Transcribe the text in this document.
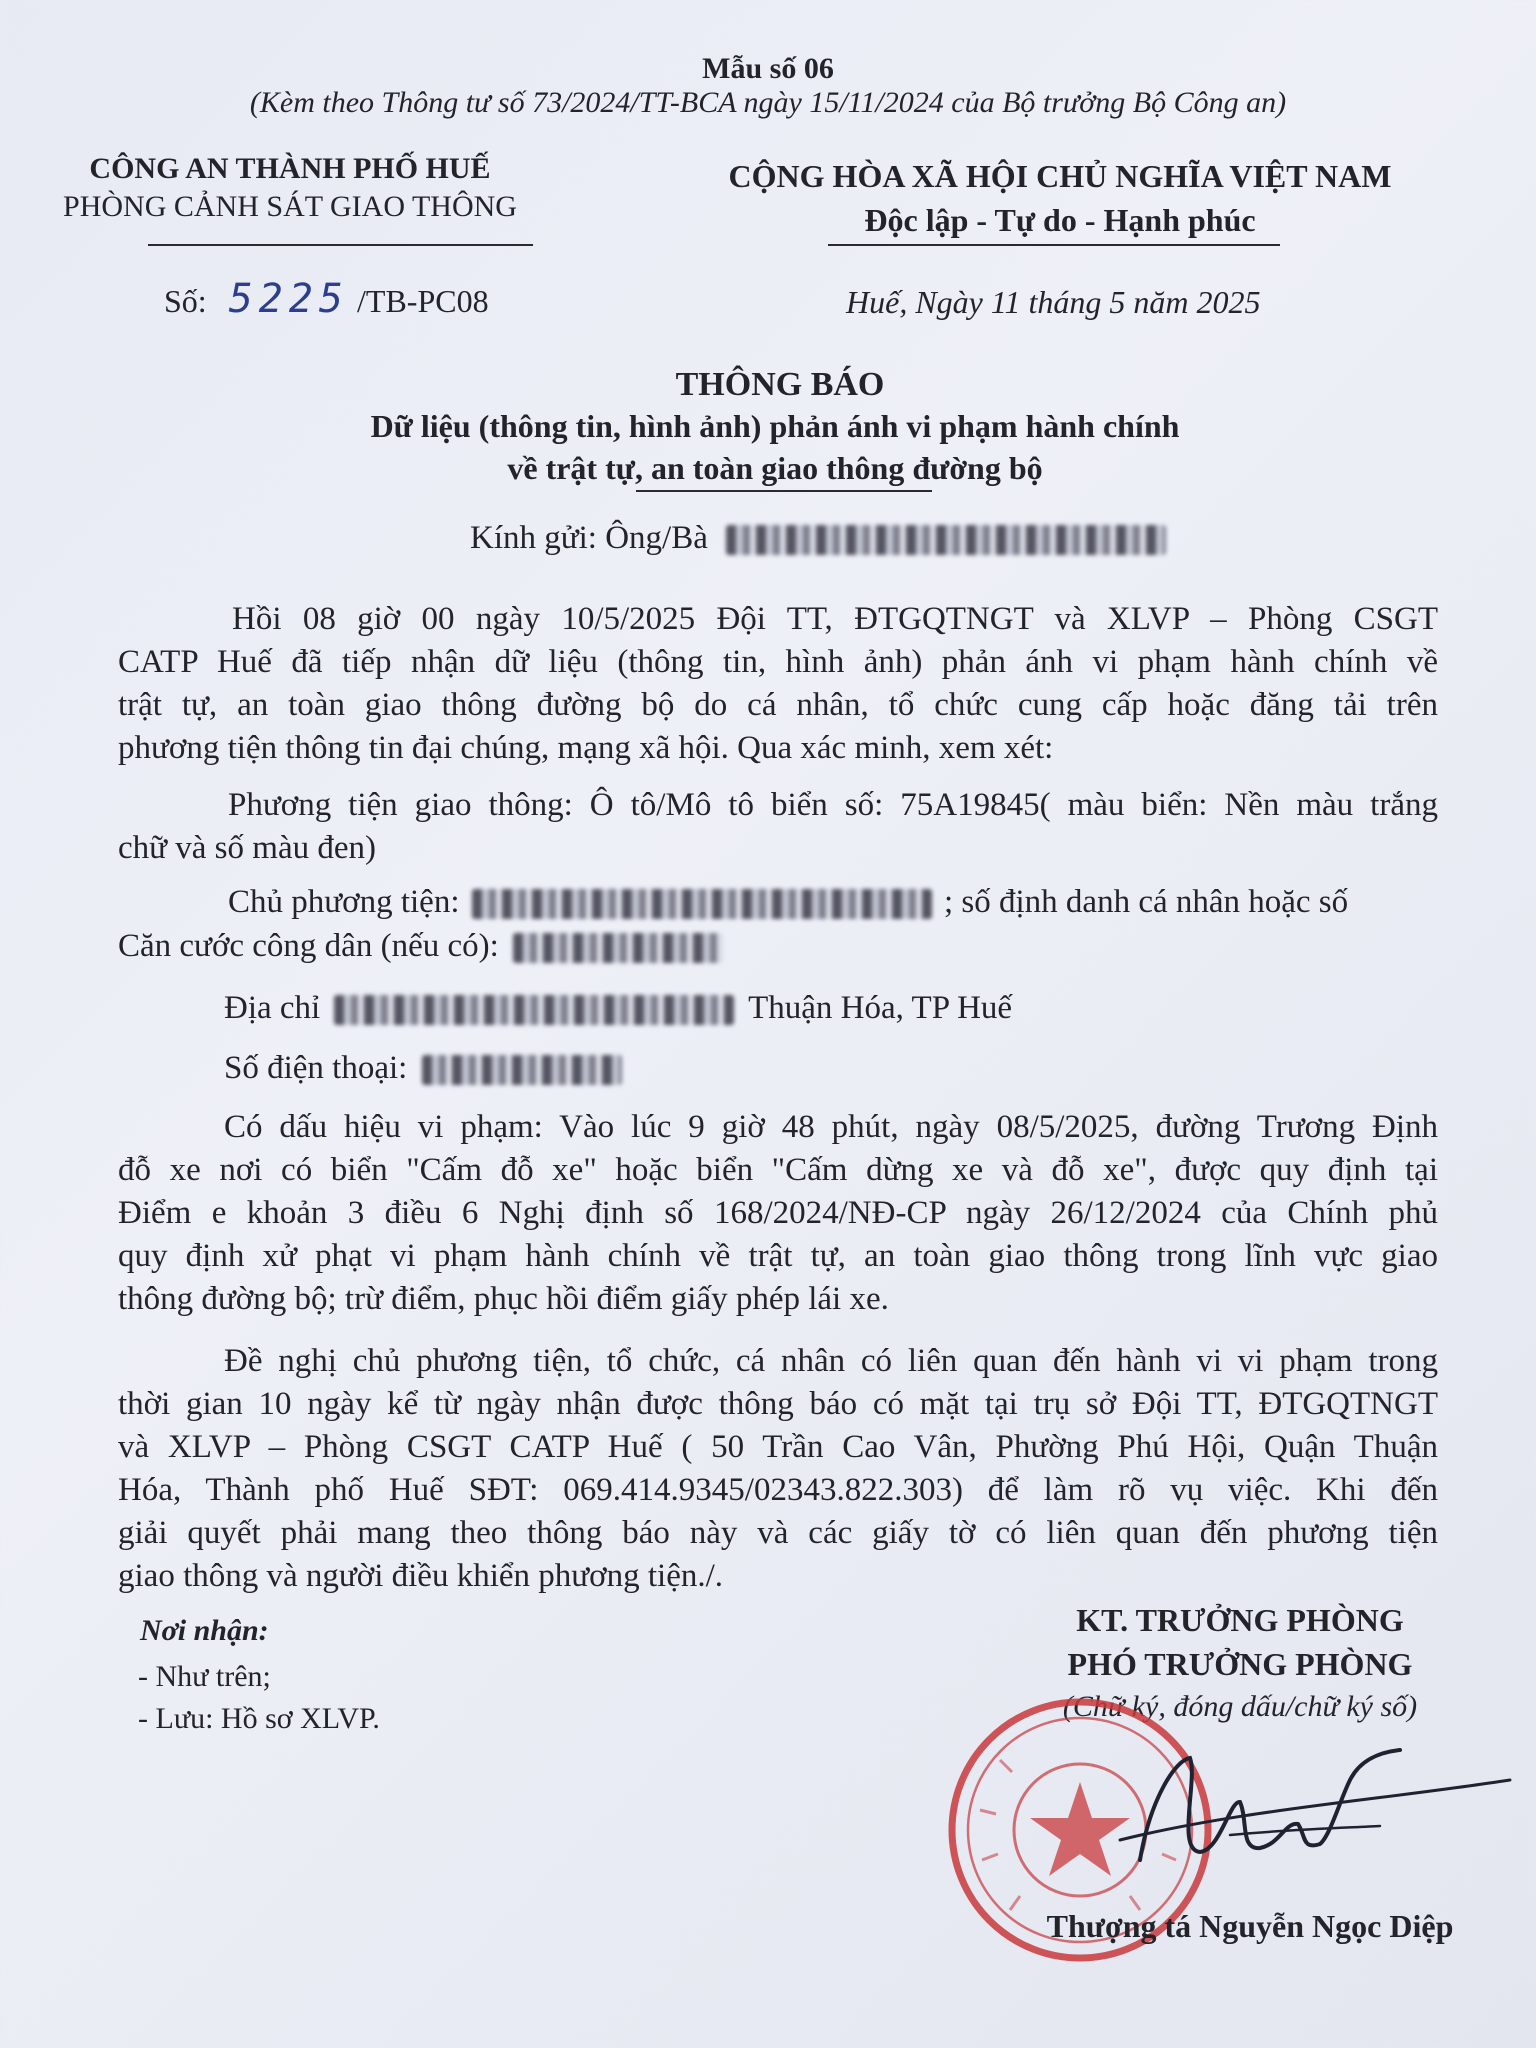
Mẫu số 06
(Kèm theo Thông tư số 73/2024/TT-BCA ngày 15/11/2024 của Bộ trưởng Bộ Công an)
CÔNG AN THÀNH PHỐ HUẾ
PHÒNG CẢNH SÁT GIAO THÔNG
Số: 5225 /TB-PC08
CỘNG HÒA XÃ HỘI CHỦ NGHĨA VIỆT NAM
Độc lập - Tự do - Hạnh phúc
Huế, Ngày 11 tháng 5 năm 2025
THÔNG BÁO
Dữ liệu (thông tin, hình ảnh) phản ánh vi phạm hành chính
về trật tự, an toàn giao thông đường bộ
Kính gửi: Ông/Bà
Hồi 08 giờ 00 ngày 10/5/2025 Đội TT, ĐTGQTNGT và XLVP – Phòng CSGT
CATP Huế đã tiếp nhận dữ liệu (thông tin, hình ảnh) phản ánh vi phạm hành chính về
trật tự, an toàn giao thông đường bộ do cá nhân, tổ chức cung cấp hoặc đăng tải trên
phương tiện thông tin đại chúng, mạng xã hội. Qua xác minh, xem xét:
Phương tiện giao thông: Ô tô/Mô tô biển số: 75A19845( màu biển: Nền màu trắng
chữ và số màu đen)
Chủ phương tiện:	; số định danh cá nhân hoặc số
Căn cước công dân (nếu có):
Địa chỉ	Thuận Hóa, TP Huế
Số điện thoại:
Có dấu hiệu vi phạm: Vào lúc 9 giờ 48 phút, ngày 08/5/2025, đường Trương Định
đỗ xe nơi có biển "Cấm đỗ xe" hoặc biển "Cấm dừng xe và đỗ xe", được quy định tại
Điểm e khoản 3 điều 6 Nghị định số 168/2024/NĐ-CP ngày 26/12/2024 của Chính phủ
quy định xử phạt vi phạm hành chính về trật tự, an toàn giao thông trong lĩnh vực giao
thông đường bộ; trừ điểm, phục hồi điểm giấy phép lái xe.
Đề nghị chủ phương tiện, tổ chức, cá nhân có liên quan đến hành vi vi phạm trong
thời gian 10 ngày kể từ ngày nhận được thông báo có mặt tại trụ sở Đội TT, ĐTGQTNGT
và XLVP – Phòng CSGT CATP Huế ( 50 Trần Cao Vân, Phường Phú Hội, Quận Thuận
Hóa, Thành phố Huế SĐT: 069.414.9345/02343.822.303) để làm rõ vụ việc. Khi đến
giải quyết phải mang theo thông báo này và các giấy tờ có liên quan đến phương tiện
giao thông và người điều khiển phương tiện./.
Nơi nhận:
- Như trên;
- Lưu: Hồ sơ XLVP.
KT. TRƯỞNG PHÒNG
PHÓ TRƯỞNG PHÒNG
(Chữ ký, đóng dấu/chữ ký số)
Thượng tá Nguyễn Ngọc Diệp
